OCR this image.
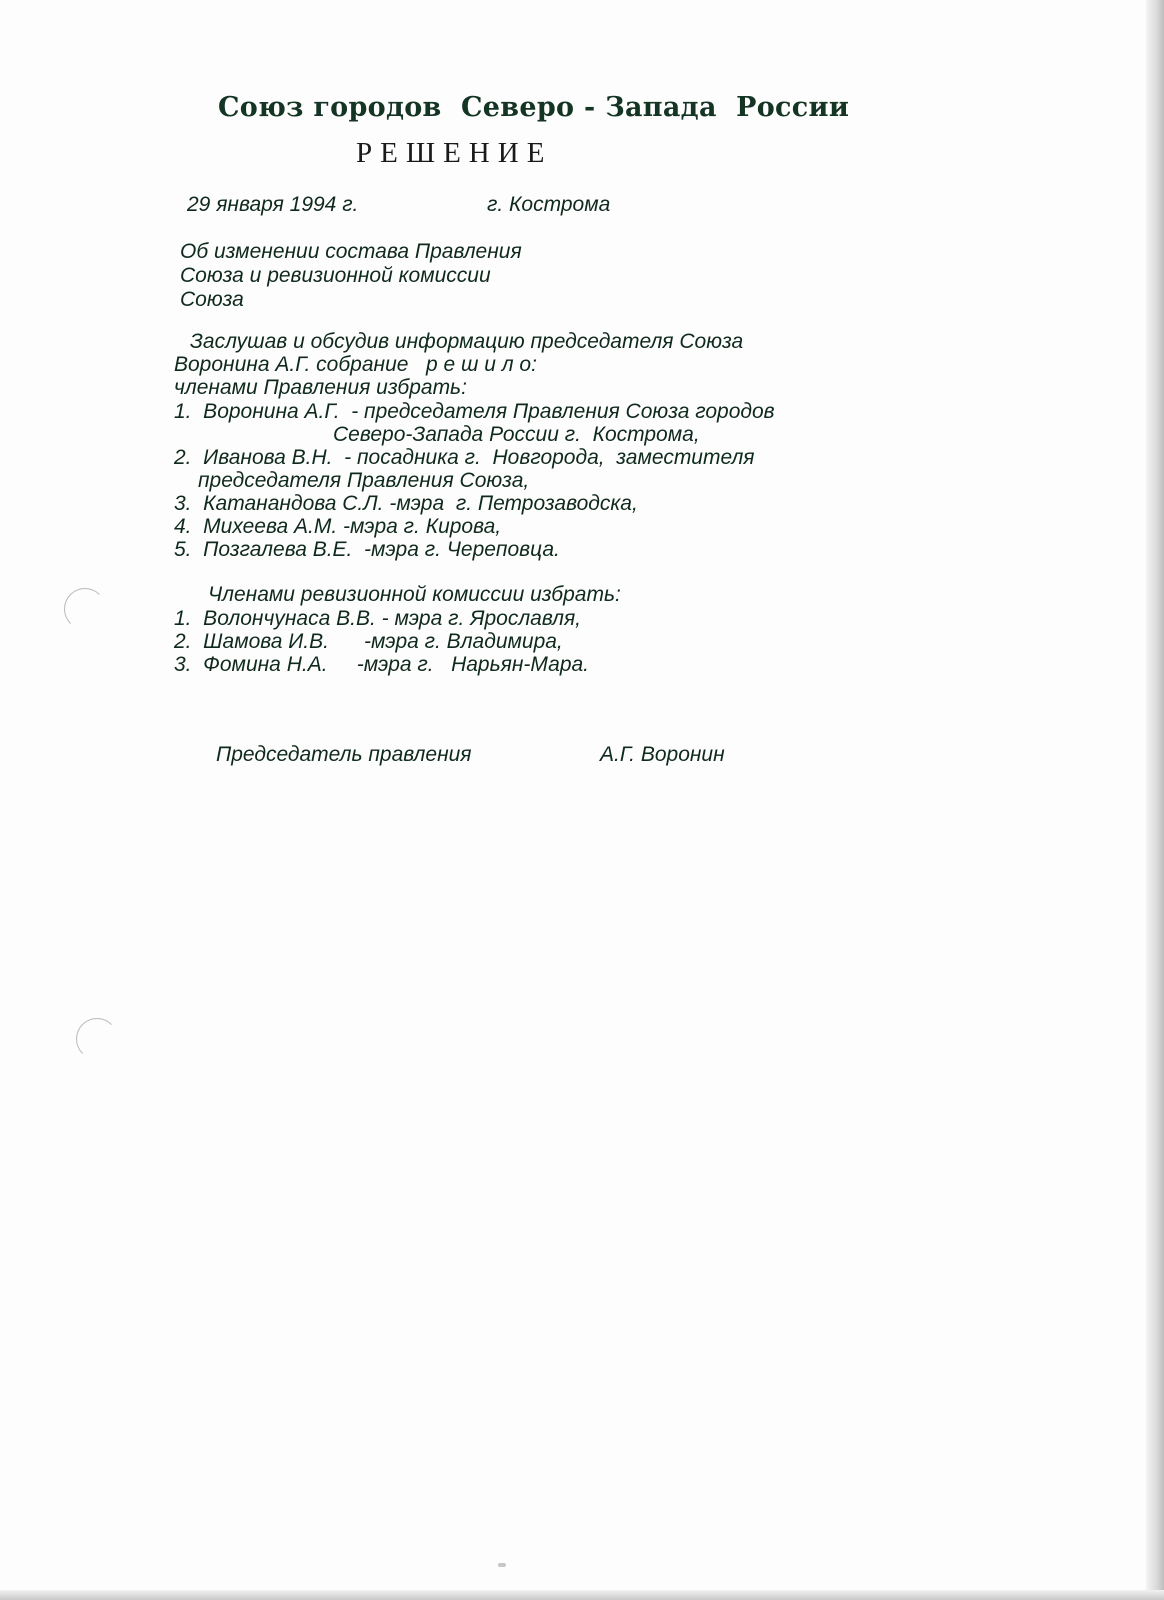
Союз городов  Северо - Запада  России
РЕШЕНИЕ
29 января 1994 г.	г. Кострома
Об изменении состава Правления
Союза и ревизионной комиссии
Союза
Заслушав и обсудив информацию председателя Союза
Воронина А.Г. собрание   р е ш и л о:
членами Правления избрать:
1.  Воронина А.Г.  - председателя Правления Союза городов
Северо-Запада России г.  Кострома,
2.  Иванова В.Н.  - посадника г.  Новгорода,  заместителя
председателя Правления Союза,
3.  Катанандова С.Л. -мэра  г. Петрозаводска,
4.  Михеева А.М. -мэра г. Кирова,
5.  Позгалева В.Е.  -мэра г. Череповца.
Членами ревизионной комиссии избрать:
1.  Волончунаса В.В. - мэра г. Ярославля,
2.  Шамова И.В.      -мэра г. Владимира,
3.  Фомина Н.А.     -мэра г.   Нарьян-Мара.
Председатель правления	А.Г. Воронин
